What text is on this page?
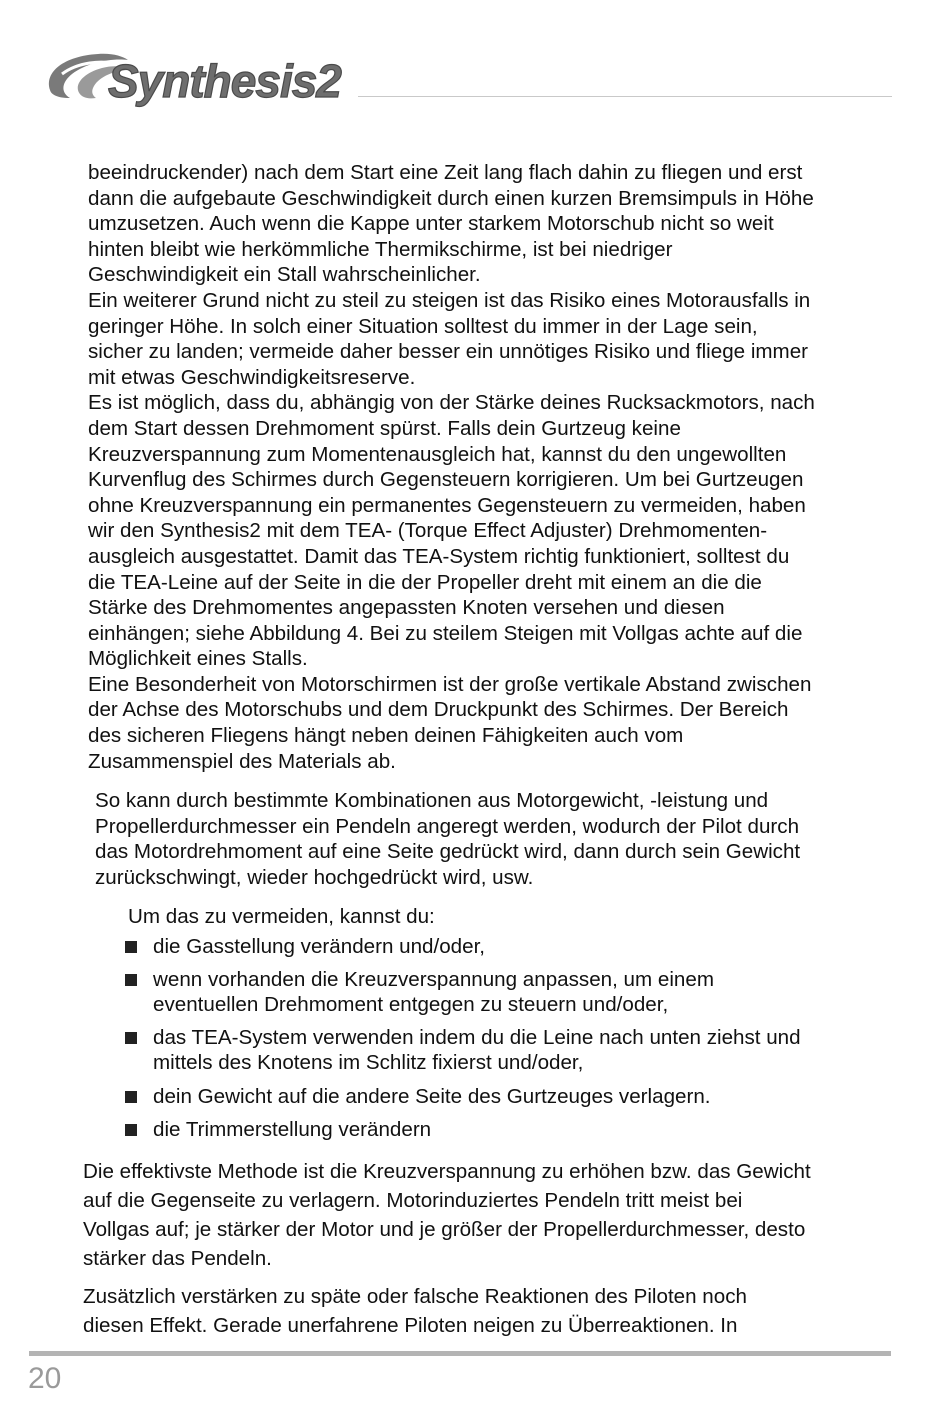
Synthesis2
beeindruckender) nach dem Start eine Zeit lang flach dahin zu fliegen und erst
dann die aufgebaute Geschwindigkeit durch einen kurzen Bremsimpuls in Höhe
umzusetzen. Auch wenn die Kappe unter starkem Motorschub nicht so weit
hinten bleibt wie herkömmliche Thermikschirme, ist bei niedriger
Geschwindigkeit ein Stall wahrscheinlicher.
Ein weiterer Grund nicht zu steil zu steigen ist das Risiko eines Motorausfalls in
geringer Höhe. In solch einer Situation solltest du immer in der Lage sein,
sicher zu landen; vermeide daher besser ein unnötiges Risiko und fliege immer
mit etwas Geschwindigkeitsreserve.
Es ist möglich, dass du, abhängig von der Stärke deines Rucksackmotors, nach
dem Start dessen Drehmoment spürst. Falls dein Gurtzeug keine
Kreuzverspannung zum Momentenausgleich hat, kannst du den ungewollten
Kurvenflug des Schirmes durch Gegensteuern korrigieren. Um bei Gurtzeugen
ohne Kreuzverspannung ein permanentes Gegensteuern zu vermeiden, haben
wir den Synthesis2 mit dem TEA- (Torque Effect Adjuster) Drehmomenten-
ausgleich ausgestattet. Damit das TEA-System richtig funktioniert, solltest du
die TEA-Leine auf der Seite in die der Propeller dreht mit einem an die die
Stärke des Drehmomentes angepassten Knoten versehen und diesen
einhängen; siehe Abbildung 4. Bei zu steilem Steigen mit Vollgas achte auf die
Möglichkeit eines Stalls.
Eine Besonderheit von Motorschirmen ist der große vertikale Abstand zwischen
der Achse des Motorschubs und dem Druckpunkt des Schirmes. Der Bereich
des sicheren Fliegens hängt neben deinen Fähigkeiten auch vom
Zusammenspiel des Materials ab.
So kann durch bestimmte Kombinationen aus Motorgewicht, -leistung und
Propellerdurchmesser ein Pendeln angeregt werden, wodurch der Pilot durch
das Motordrehmoment auf eine Seite gedrückt wird, dann durch sein Gewicht
zurückschwingt, wieder hochgedrückt wird, usw.
Um das zu vermeiden, kannst du:
die Gasstellung verändern und/oder,
wenn vorhanden die Kreuzverspannung anpassen, um einem
eventuellen Drehmoment entgegen zu steuern und/oder,
das TEA-System verwenden indem du die Leine nach unten ziehst und
mittels des Knotens im Schlitz fixierst und/oder,
dein Gewicht auf die andere Seite des Gurtzeuges verlagern.
die Trimmerstellung verändern
Die effektivste Methode ist die Kreuzverspannung zu erhöhen bzw. das Gewicht
auf die Gegenseite zu verlagern. Motorinduziertes Pendeln tritt meist bei
Vollgas auf; je stärker der Motor und je größer der Propellerdurchmesser, desto
stärker das Pendeln.
Zusätzlich verstärken zu späte oder falsche Reaktionen des Piloten noch
diesen Effekt. Gerade unerfahrene Piloten neigen zu Überreaktionen. In
20
